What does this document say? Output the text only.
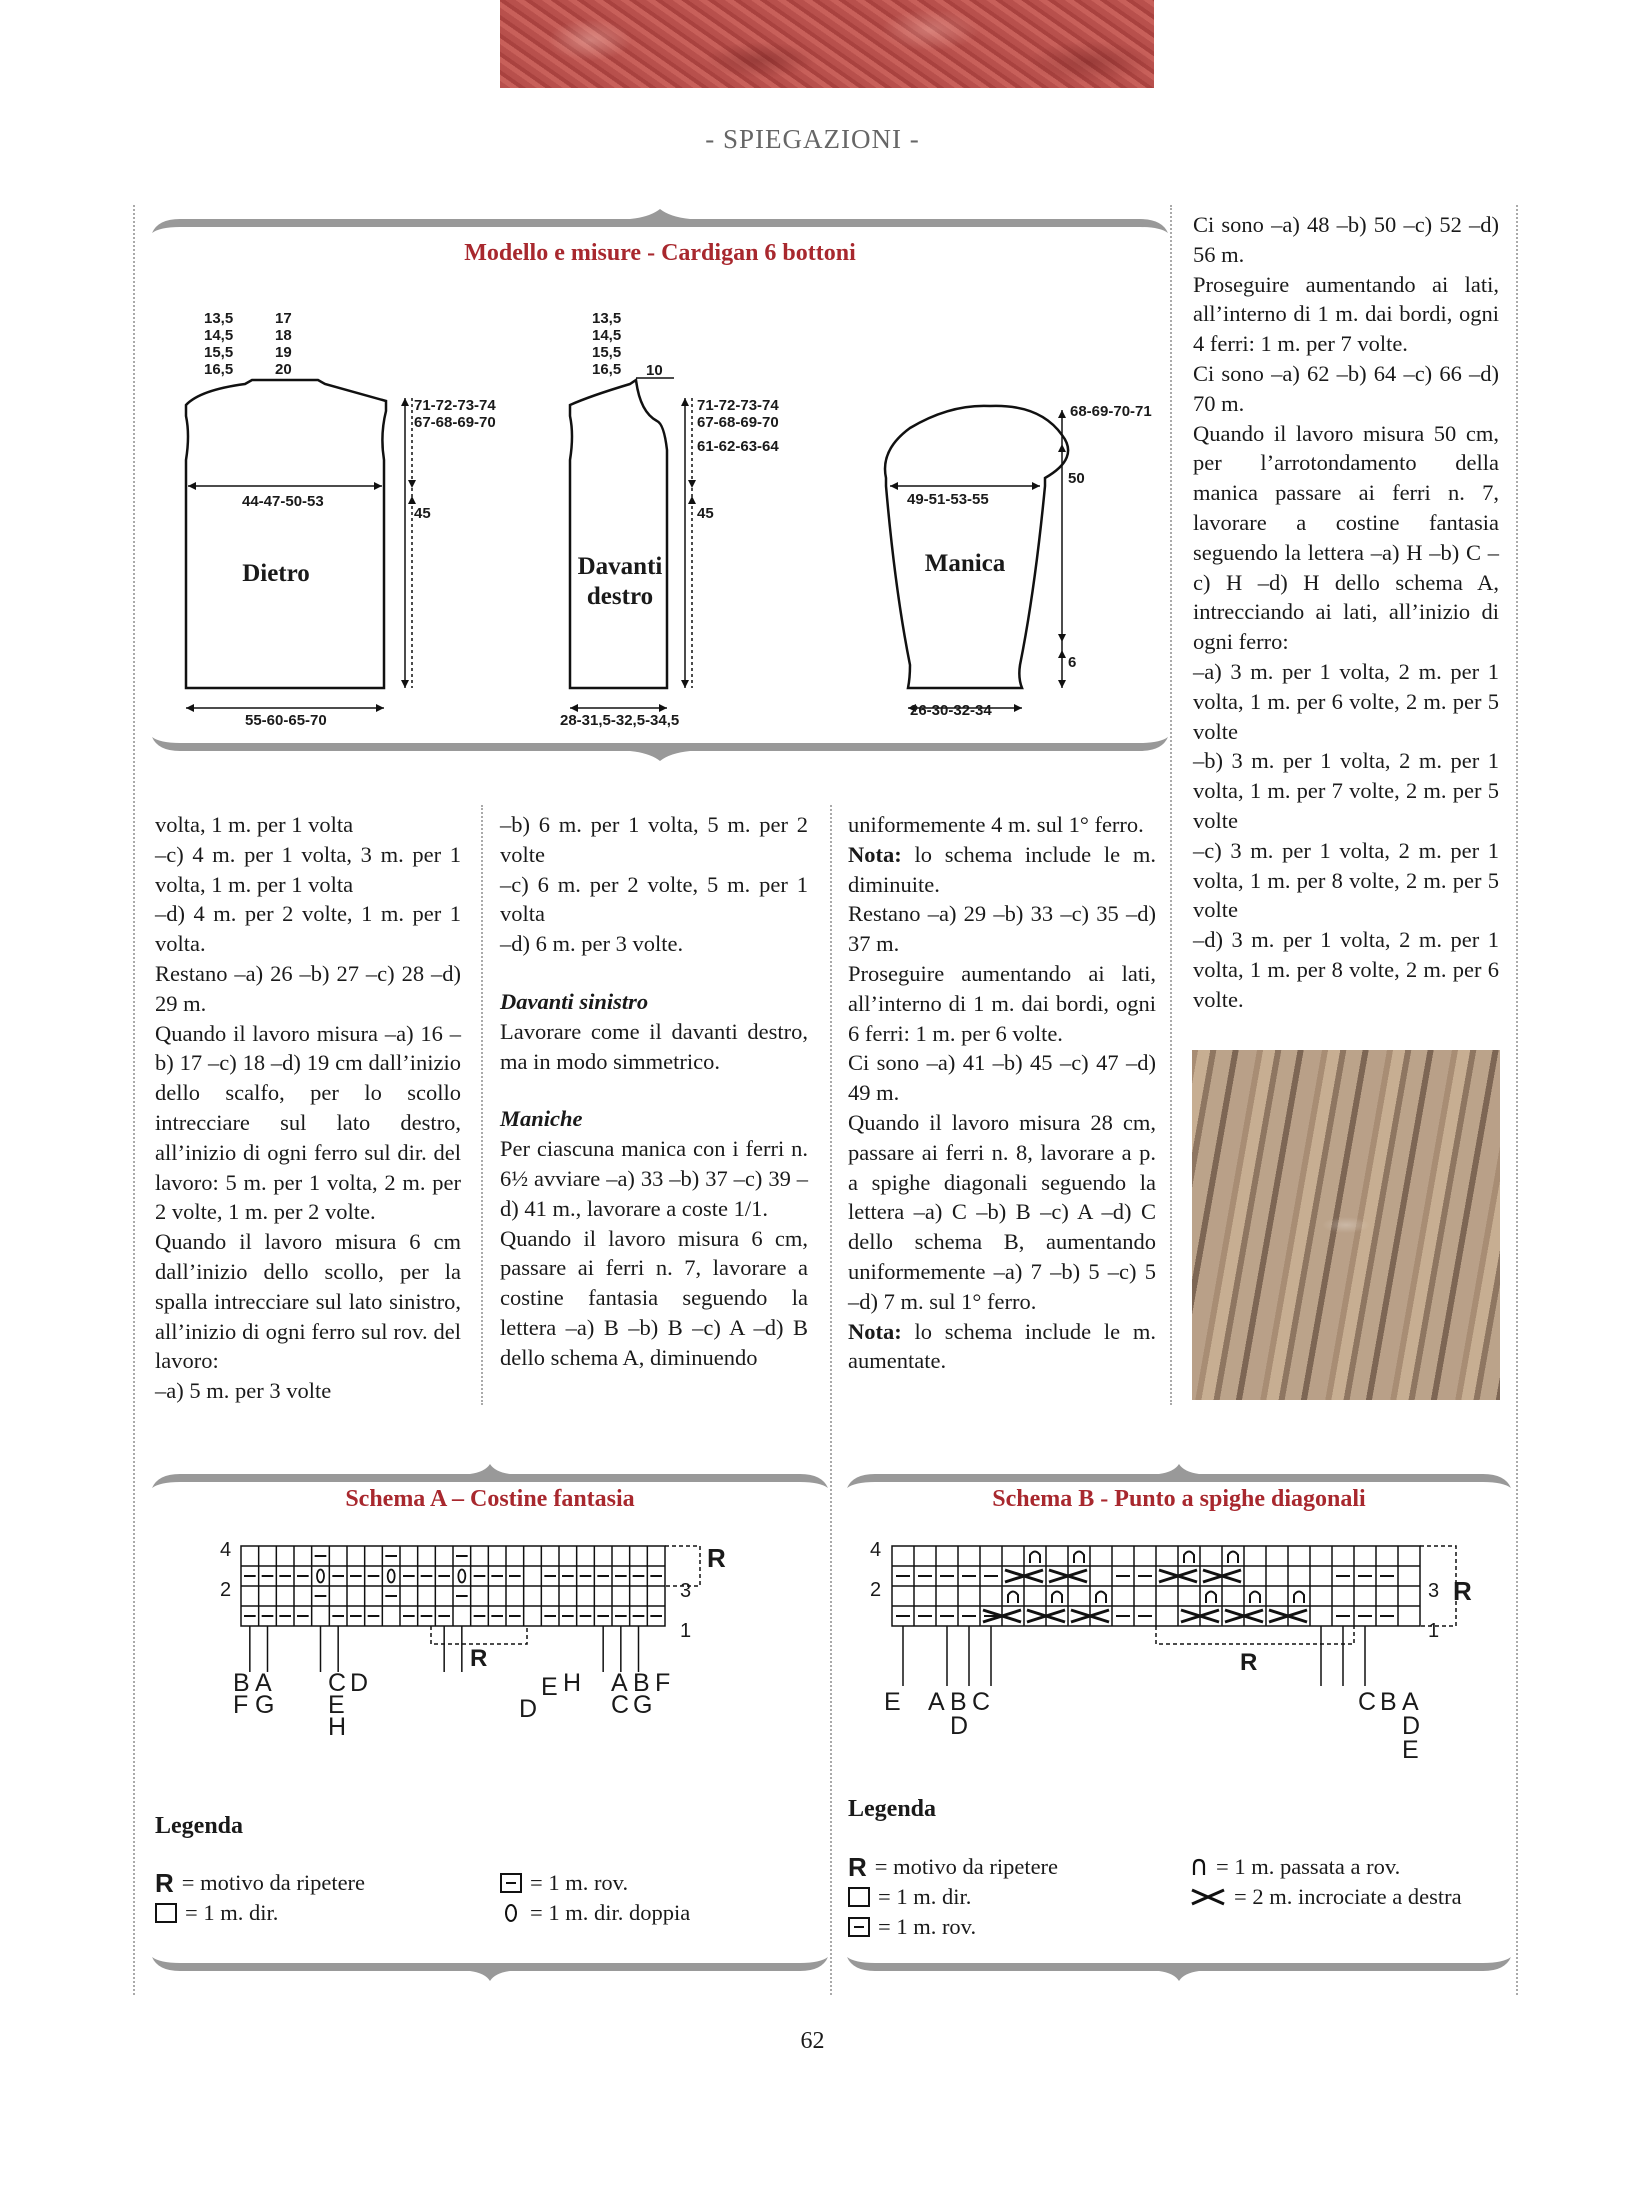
- SPIEGAZIONI -
Modello e misure - Cardigan 6 bottoni
13,5
14,5
15,5
16,5
17
18
19
20
71-72-73-74
67-68-69-70
44-47-50-53
45
55-60-65-70
Dietro
13,5
14,5
15,5
16,5 10
71-72-73-74
67-68-69-70
61-62-63-64
45
28-31,5-32,5-34,5
Davanti
destro
68-69-70-71
50
6
49-51-53-55
26-30-32-34
Manica

volta, 1 m. per 1 volta

–c) 4 m. per 1 volta, 3 m. per 1 volta, 1 m. per 1 volta

–d) 4 m. per 2 volte, 1 m. per 1 volta.

Restano –a) 26 –b) 27 –c) 28 –d) 29 m.

Quando il lavoro misura –a) 16 –b) 17 –c) 18 –d) 19 cm dall’inizio dello scalfo, per lo scollo intrecciare sul lato destro, all’inizio di ogni ferro sul dir. del lavoro: 5 m. per 1 volta, 2 m. per 2 volte, 1 m. per 2 volte.

Quando il lavoro misura 6 cm dall’inizio dello scollo, per la spalla intrecciare sul lato sinistro, all’inizio di ogni ferro sul rov. del lavoro:

–a) 5 m. per 3 volte

–b) 6 m. per 1 volta, 5 m. per 2 volte

–c) 6 m. per 2 volte, 5 m. per 1 volta

–d) 6 m. per 3 volte.

Davanti sinistro

Lavorare come il davanti destro, ma in modo simmetrico.

Maniche

Per ciascuna manica con i ferri n. 6½ avviare –a) 33 –b) 37 –c) 39 –d) 41 m., lavorare a coste 1/1.

Quando il lavoro misura 6 cm, passare ai ferri n. 7, lavorare a costine fantasia seguendo la lettera –a) B –b) B –c) A –d) B dello schema A, diminuendo

uniformemente 4 m. sul 1° ferro.

Nota: lo schema include le m. diminuite.

Restano –a) 29 –b) 33 –c) 35 –d) 37 m.

Proseguire aumentando ai lati, all’interno di 1 m. dai bordi, ogni 6 ferri: 1 m. per 6 volte.

Ci sono –a) 41 –b) 45 –c) 47 –d) 49 m.

Quando il lavoro misura 28 cm, passare ai ferri n. 8, lavorare a p. a spighe diagonali seguendo la lettera –a) C –b) B –c) A –d) C dello schema B, aumentando uniformemente –a) 7 –b) 5 –c) 5 –d) 7 m. sul 1° ferro.

Nota: lo schema include le m. aumentate.

Ci sono –a) 48 –b) 50 –c) 52 –d) 56 m.

Proseguire aumentando ai lati, all’interno di 1 m. dai bordi, ogni 4 ferri: 1 m. per 7 volte.

Ci sono –a) 62 –b) 64 –c) 66 –d) 70 m.

Quando il lavoro misura 50 cm, per l’arrotondamento della manica passare ai ferri n. 7, lavorare a costine fantasia seguendo la lettera –a) H –b) C –c) H –d) H dello schema A, intrecciando ai lati, all’inizio di ogni ferro:

–a) 3 m. per 1 volta, 2 m. per 1 volta, 1 m. per 6 volte, 2 m. per 5 volte

–b) 3 m. per 1 volta, 2 m. per 1 volta, 1 m. per 7 volte, 2 m. per 5 volte

–c) 3 m. per 1 volta, 2 m. per 1 volta, 1 m. per 8 volte, 2 m. per 5 volte

–d) 3 m. per 1 volta, 2 m. per 1 volta, 1 m. per 8 volte, 2 m. per 6 volte.

Schema A – Costine fantasia
R
R
4
2	3
1
B A C D	E H A B F
F G E	D	C G
H
Legenda
R = motivo da ripetere
= 1 m. dir.
= 1 m. rov.
= 1 m. dir. doppia
Schema B - Punto a spighe diagonali
R
R
4
2	3
1
E A B C
D
C B A
D
E
Legenda
R = motivo da ripetere
= 1 m. dir.
= 1 m. rov.
= 1 m. passata a rov.
= 2 m. incrociate a destra
62
